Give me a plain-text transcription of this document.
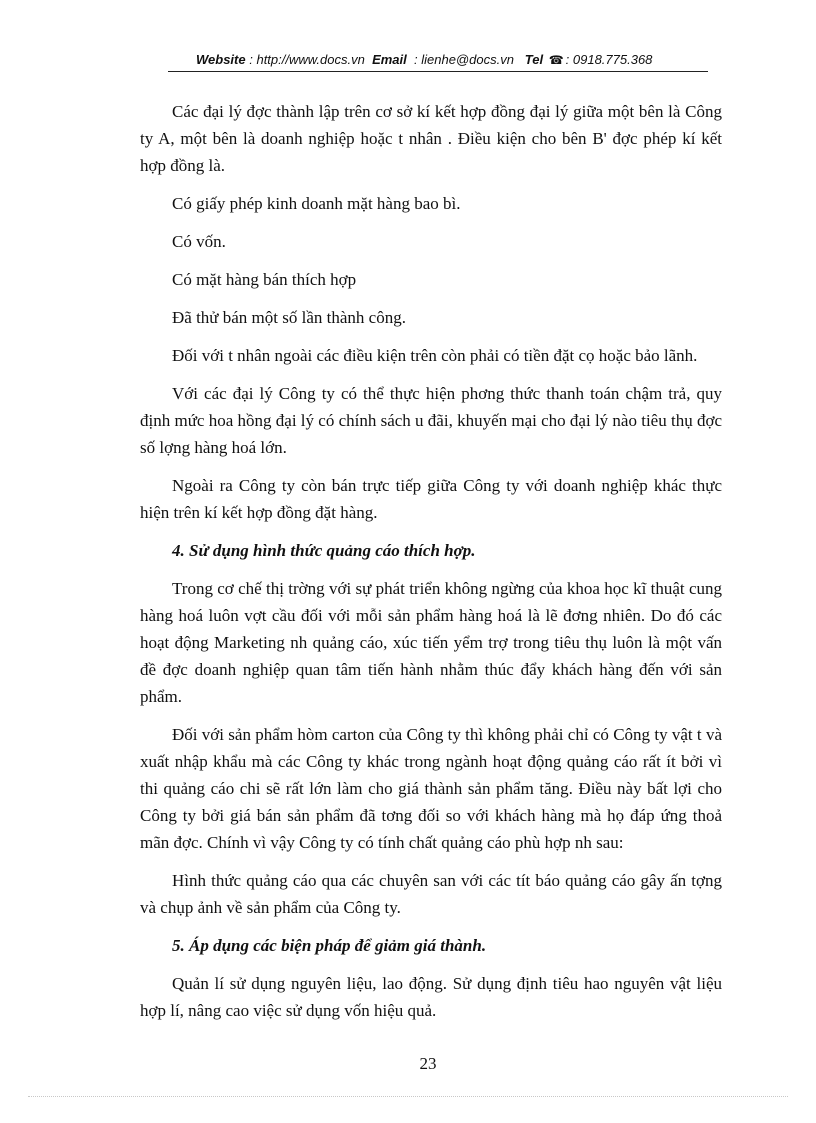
Website : http://www.docs.vn Email : lienhe@docs.vn Tel ☎ : 0918.775.368

Các đại lý đợc thành lập trên cơ sở kí kết hợp đồng đại lý giữa một bên là Công ty A, một bên là doanh nghiệp hoặc t nhân . Điều kiện cho bên B' đợc phép kí kết hợp đồng là.

Có giấy phép kinh doanh mặt hàng bao bì.

Có vốn.

Có mặt hàng bán thích hợp

Đã thử bán một số lần thành công.

Đối với t nhân ngoài các điều kiện trên còn phải có tiền đặt cọ hoặc bảo lãnh.

Với các đại lý Công ty có thể thực hiện phơng thức thanh toán chậm trả, quy định mức hoa hồng đại lý có chính sách u đãi, khuyến mại cho đại lý nào tiêu thụ đợc số lợng hàng hoá lớn.

Ngoài ra Công ty còn bán trực tiếp giữa Công ty với doanh nghiệp khác thực hiện trên kí kết hợp đồng đặt hàng.

4. Sử dụng hình thức quảng cáo thích hợp.

Trong cơ chế thị trờng với sự phát triển không ngừng của khoa học kĩ thuật cung hàng hoá luôn vợt cầu đối với mỗi sản phẩm hàng hoá là lẽ đơng nhiên. Do đó các hoạt động Marketing nh quảng cáo, xúc tiến yểm trợ trong tiêu thụ luôn là một vấn đề đợc doanh nghiệp quan tâm tiến hành nhằm thúc đẩy khách hàng đến với sản phẩm.

Đối với sản phẩm hòm carton của Công ty thì không phải chỉ có Công ty vật t và xuất nhập khẩu mà các Công ty khác trong ngành hoạt động quảng cáo rất ít bởi vì thi quảng cáo chi sẽ rất lớn làm cho giá thành sản phẩm tăng. Điều này bất lợi cho Công ty bởi giá bán sản phẩm đã tơng đối so với khách hàng mà họ đáp ứng thoả mãn đợc. Chính vì vậy Công ty có tính chất quảng cáo phù hợp nh sau:

Hình thức quảng cáo qua các chuyên san với các tít báo quảng cáo gây ấn tợng và chụp ảnh về sản phẩm của Công ty.

5. Áp dụng các biện pháp để giảm giá thành.

Quản lí sử dụng nguyên liệu, lao động. Sử dụng định tiêu hao nguyên vật liệu hợp lí, nâng cao việc sử dụng vốn hiệu quả.

23
